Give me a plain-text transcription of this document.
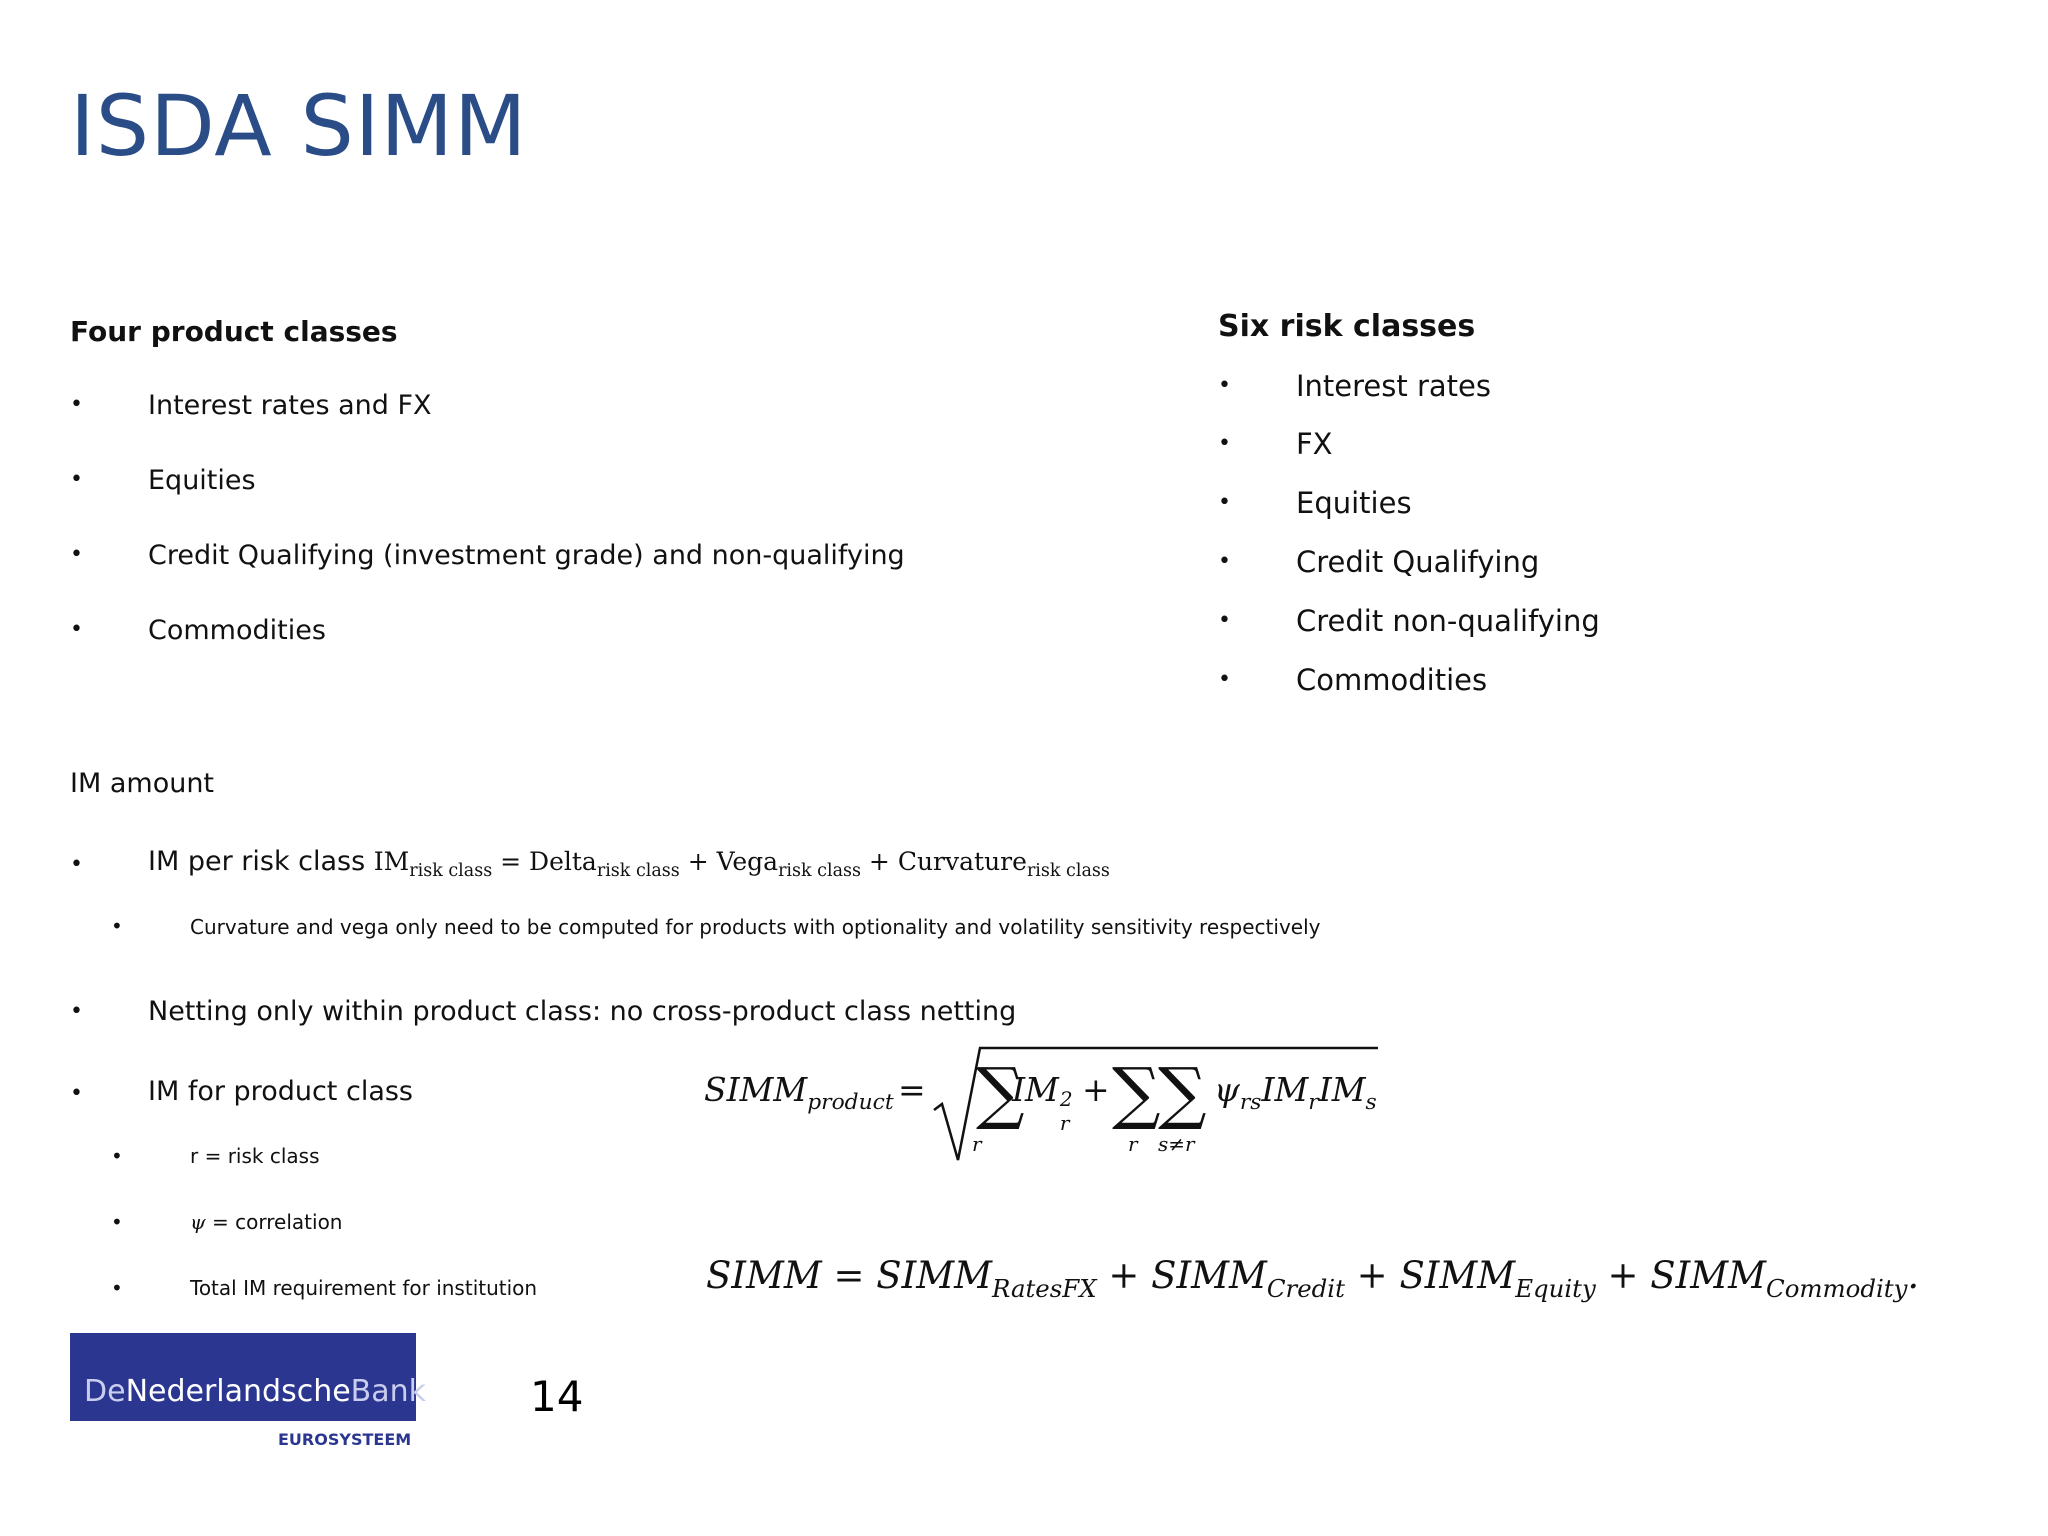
ISDA SIMM
Four product classes
• Interest rates and FX
• Equities
• Credit Qualifying (investment grade) and non-qualifying
• Commodities
Six risk classes
• Interest rates
• FX
• Equities
• Credit Qualifying
• Credit non-qualifying
• Commodities
IM amount
• IM per risk class $IM_{risk class}$ = Delta$_{risk class}$ + Vega$_{risk class}$ + Curvature$_{risk class}$
•	Curvature and vega only need to be computed for products with optionality and volatility sensitivity respectively
• Netting only within product class: no cross-product class netting
• IM for product class
•	r = risk class
•	ψ = correlation
•	Total IM requirement for institution
$SIMM_{product}$ = ∑
r
IM 2
r
+ ∑
r
∑
s≠r
$\psi_{rs}IM_rIM_s$
SIMM = $SIMM_{RatesFX}$ + $SIMM_{Credit}$ + $SIMM_{Equity}$ + $SIMM_{Commodity}$.
DeNederlandscheBank
EUROSYSTEEM
14
